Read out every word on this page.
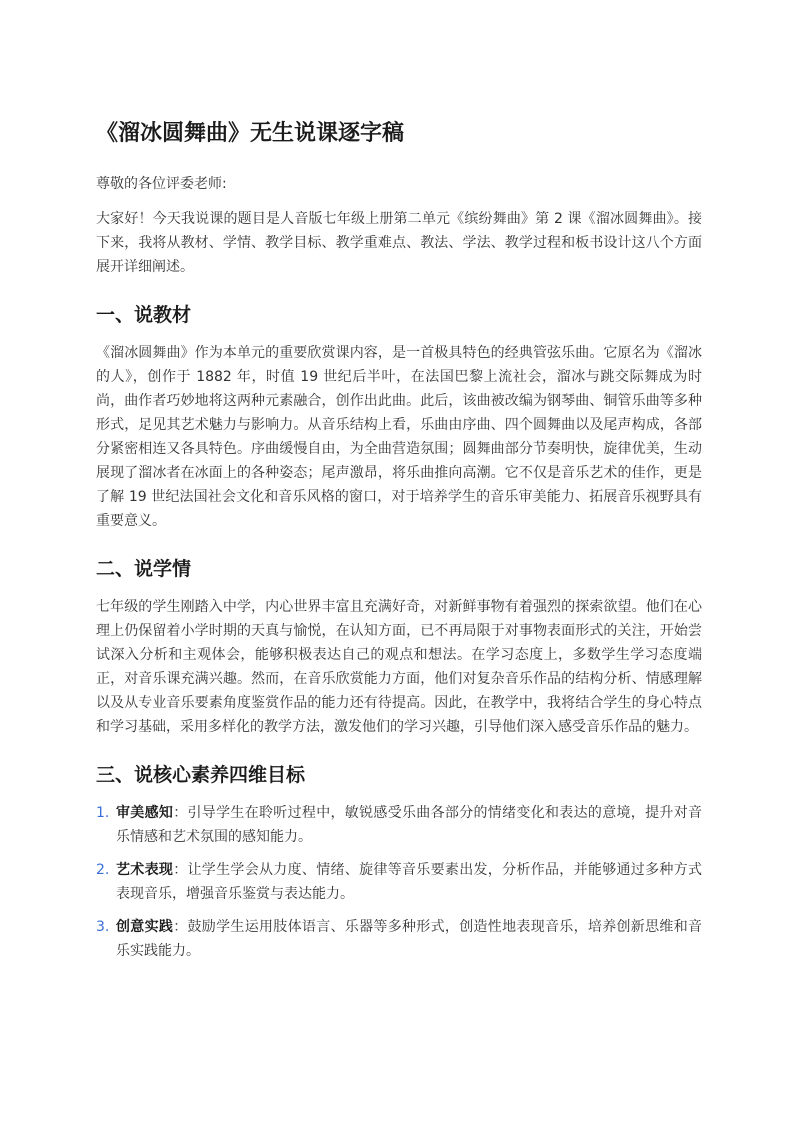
《溜冰圆舞曲》无生说课逐字稿

尊敬的各位评委老师:

大家好！今天我说课的题目是人音版七年级上册第二单元《缤纷舞曲》第 2 课《溜冰圆舞曲》。接下来，我将从教材、学情、教学目标、教学重难点、教法、学法、教学过程和板书设计这八个方面展开详细阐述。

一、说教材

《溜冰圆舞曲》作为本单元的重要欣赏课内容，是一首极具特色的经典管弦乐曲。它原名为《溜冰的人》，创作于 1882 年，时值 19 世纪后半叶，在法国巴黎上流社会，溜冰与跳交际舞成为时尚，曲作者巧妙地将这两种元素融合，创作出此曲。此后，该曲被改编为钢琴曲、铜管乐曲等多种形式，足见其艺术魅力与影响力。从音乐结构上看，乐曲由序曲、四个圆舞曲以及尾声构成，各部分紧密相连又各具特色。序曲缓慢自由，为全曲营造氛围；圆舞曲部分节奏明快，旋律优美，生动展现了溜冰者在冰面上的各种姿态；尾声激昂，将乐曲推向高潮。它不仅是音乐艺术的佳作，更是了解 19 世纪法国社会文化和音乐风格的窗口，对于培养学生的音乐审美能力、拓展音乐视野具有重要意义。

二、说学情

七年级的学生刚踏入中学，内心世界丰富且充满好奇，对新鲜事物有着强烈的探索欲望。他们在心理上仍保留着小学时期的天真与愉悦，在认知方面，已不再局限于对事物表面形式的关注，开始尝试深入分析和主观体会，能够积极表达自己的观点和想法。在学习态度上，多数学生学习态度端正，对音乐课充满兴趣。然而，在音乐欣赏能力方面，他们对复杂音乐作品的结构分析、情感理解以及从专业音乐要素角度鉴赏作品的能力还有待提高。因此，在教学中，我将结合学生的身心特点和学习基础，采用多样化的教学方法，激发他们的学习兴趣，引导他们深入感受音乐作品的魅力。

三、说核心素养四维目标
1. 审美感知：引导学生在聆听过程中，敏锐感受乐曲各部分的情绪变化和表达的意境，提升对音乐情感和艺术氛围的感知能力。
2. 艺术表现：让学生学会从力度、情绪、旋律等音乐要素出发，分析作品，并能够通过多种方式表现音乐，增强音乐鉴赏与表达能力。
3. 创意实践：鼓励学生运用肢体语言、乐器等多种形式，创造性地表现音乐，培养创新思维和音乐实践能力。
